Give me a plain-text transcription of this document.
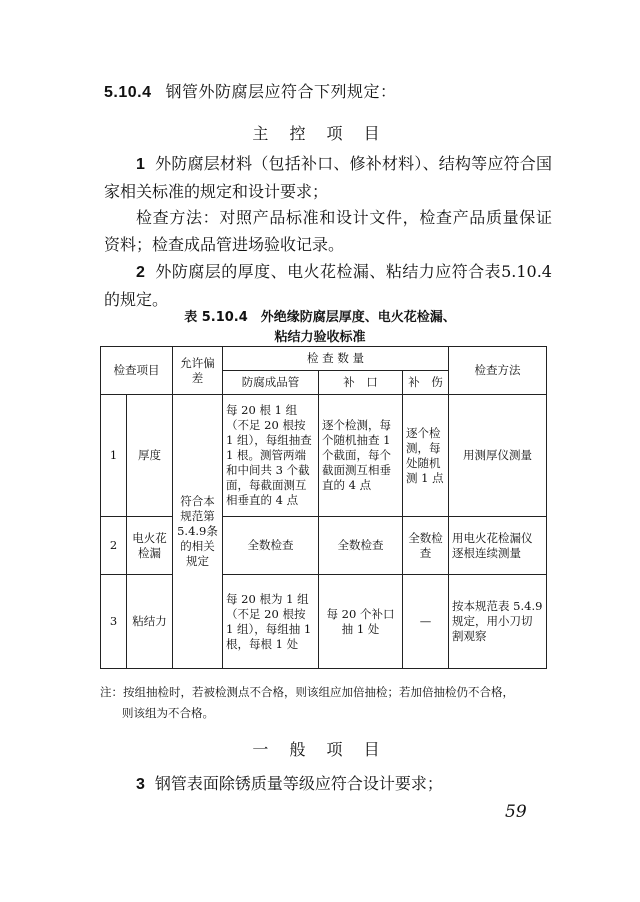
5.10.4 钢管外防腐层应符合下列规定：
主 控 项 目
1 外防腐层材料（包括补口、修补材料）、结构等应符合国家相关标准的规定和设计要求；
检查方法：对照产品标准和设计文件，检查产品质量保证资料；检查成品管进场验收记录。
2 外防腐层的厚度、电火花检漏、粘结力应符合表5.10.4的规定。
表 5.10.4　外绝缘防腐层厚度、电火花检漏、
粘结力验收标准
检查项目		允许偏差	检 查 数 量			检查方法
			防腐成品管	补　口	补　伤	
1	厚度	符合本规范第5.4.9条的相关规定	每 20 根 1 组（不足 20 根按 1 组），每组抽查 1 根。测管两端和中间共 3 个截面，每截面测互相垂直的 4 点	逐个检测，每个随机抽查 1 个截面，每个截面测互相垂直的 4 点	逐个检测，每处随机测 1 点	用测厚仪测量
2	电火花检漏		全数检查	全数检查	全数检查	用电火花检漏仪逐根连续测量
3	粘结力		每 20 根为 1 组（不足 20 根按 1 组），每组抽 1 根，每根 1 处	每 20 个补口抽 1 处	—	按本规范表 5.4.9 规定，用小刀切割观察
注：按组抽检时，若被检测点不合格，则该组应加倍抽检；若加倍抽检仍不合格，
则该组为不合格。
一 般 项 目
3 钢管表面除锈质量等级应符合设计要求；
59
